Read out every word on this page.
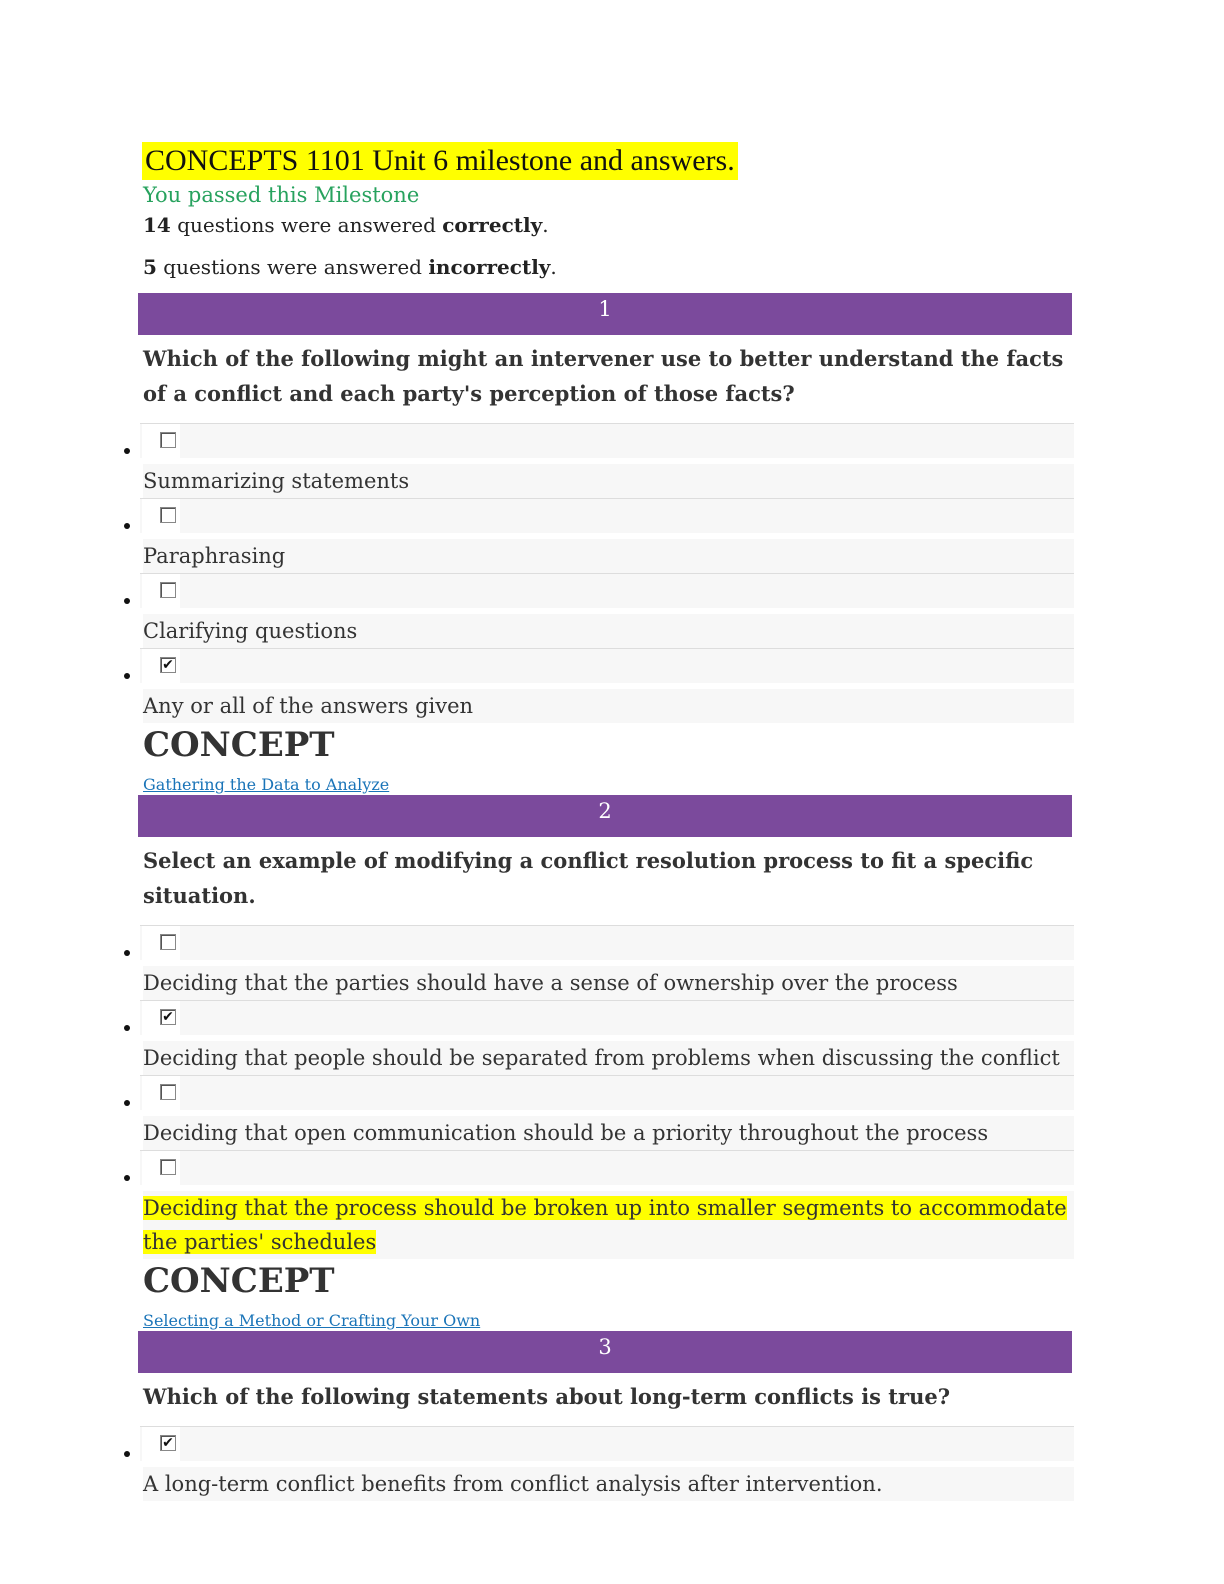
CONCEPTS 1101 Unit 6 milestone and answers.
You passed this Milestone
14 questions were answered correctly.
5 questions were answered incorrectly.
1
Which of the following might an intervener use to better understand the facts of a conflict and each party's perception of those facts?
Summarizing statements
Paraphrasing
Clarifying questions
✔
Any or all of the answers given
CONCEPT
Gathering the Data to Analyze
2
Select an example of modifying a conflict resolution process to fit a specific situation.
Deciding that the parties should have a sense of ownership over the process
✔
Deciding that people should be separated from problems when discussing the conflict
Deciding that open communication should be a priority throughout the process
Deciding that the process should be broken up into smaller segments to accommodate the parties' schedules
CONCEPT
Selecting a Method or Crafting Your Own
3
Which of the following statements about long-term conflicts is true?
✔
A long-term conflict benefits from conflict analysis after intervention.
